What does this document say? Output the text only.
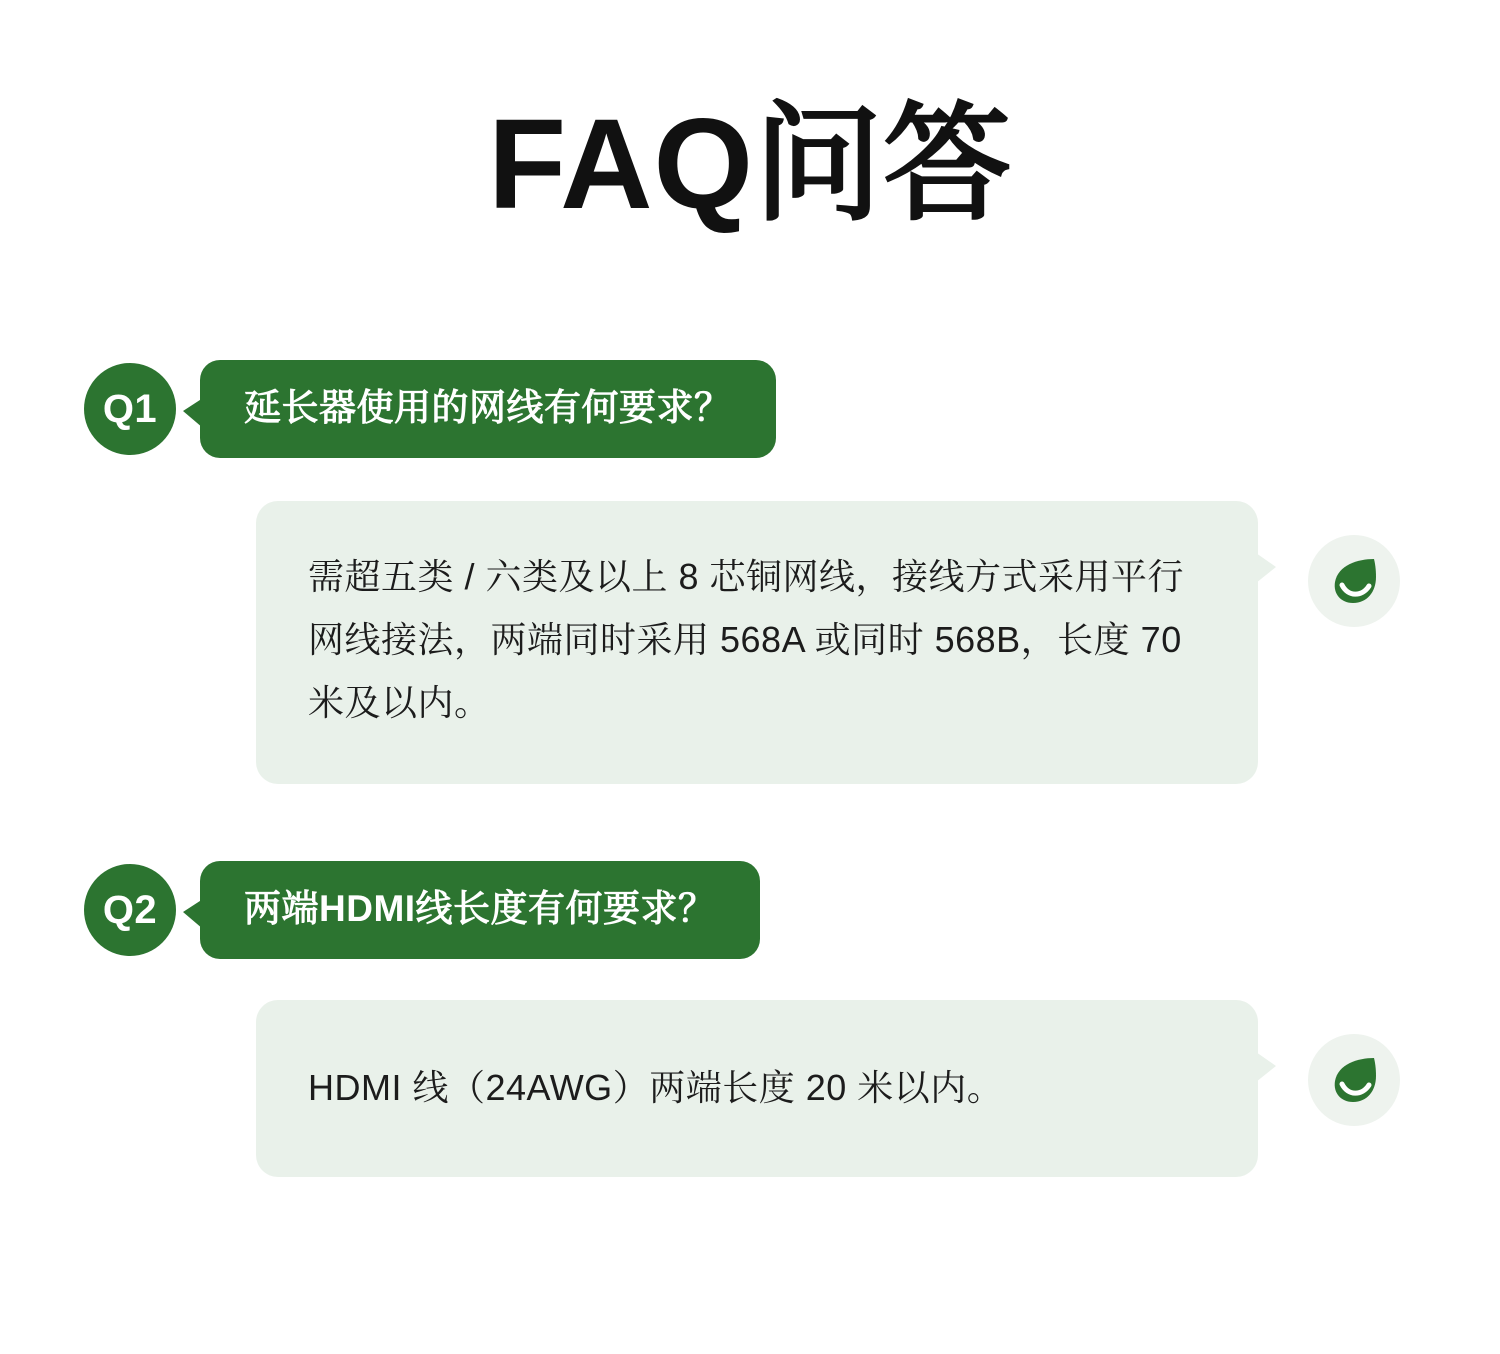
FAQ问答
Q1	延长器使用的网线有何要求？
需超五类 / 六类及以上 8 芯铜网线，接线方式采用平行网线接法，两端同时采用 568A 或同时 568B，长度 70 米及以内。
Q2	两端HDMI线长度有何要求？
HDMI 线（24AWG）两端长度 20 米以内。
